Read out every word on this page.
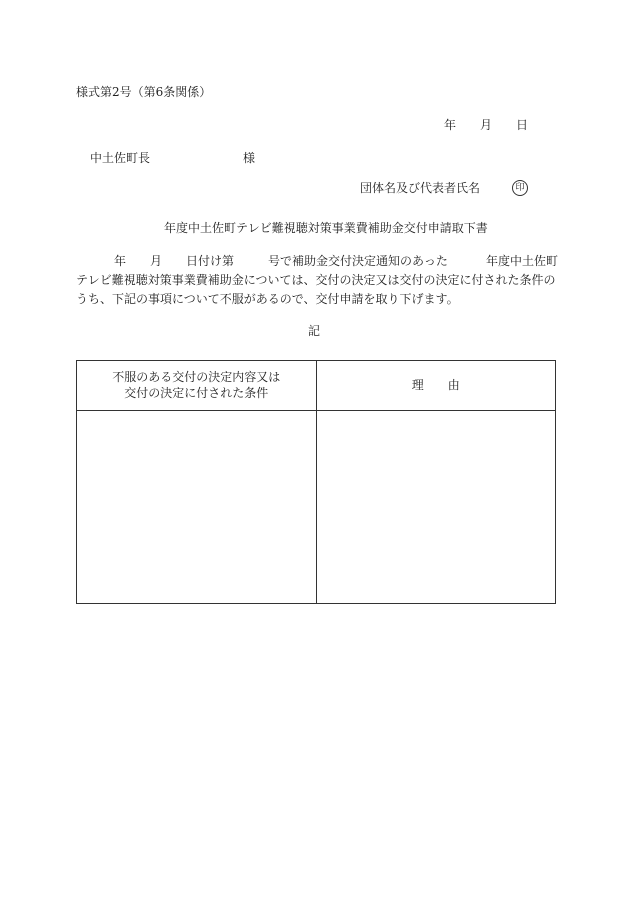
様式第2号（第6条関係）
年 月 日
中土佐町長	様
団体名及び代表者氏名	印
年度中土佐町テレビ難視聴対策事業費補助金交付申請取下書
年 月 日付け第	号で補助金交付決定通知のあった	年度中土佐町
テレビ難視聴対策事業費補助金については、交付の決定又は交付の決定に付された条件の
うち、下記の事項について不服があるので、交付申請を取り下げます。
記
不服のある交付の決定内容又は
交付の決定に付された条件	理　　由
